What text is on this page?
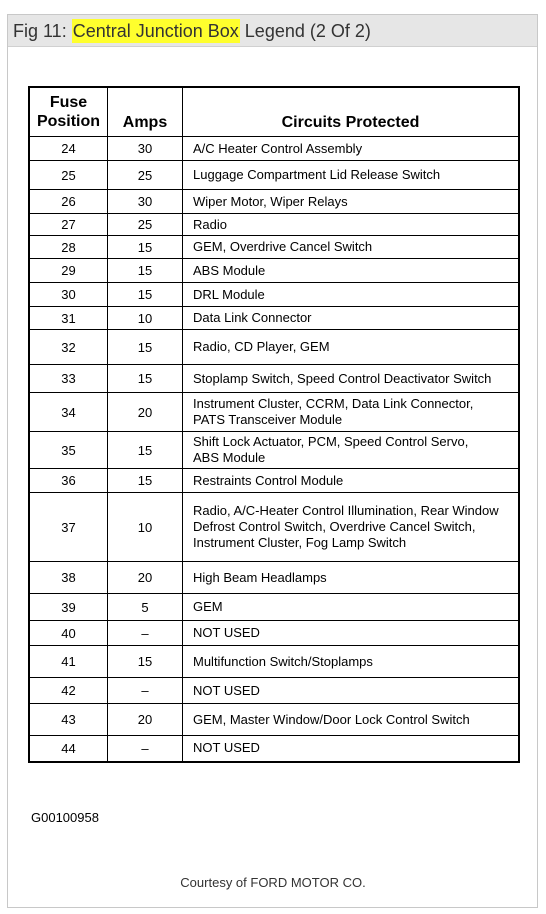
Fig 11: Central Junction Box Legend (2 Of 2)
Fuse
Position	Amps	Circuits Protected
24	30	A/C Heater Control Assembly

25	25	Luggage Compartment Lid Release Switch

26	30	Wiper Motor, Wiper Relays

27	25	Radio

28	15	GEM, Overdrive Cancel Switch

29	15	ABS Module

30	15	DRL Module

31	10	Data Link Connector

32	15	Radio, CD Player, GEM

33	15	Stoplamp Switch, Speed Control Deactivator Switch

34	20	Instrument Cluster, CCRM, Data Link Connector,
PATS Transceiver Module

35	15	Shift Lock Actuator, PCM, Speed Control Servo,
ABS Module

36	15	Restraints Control Module

37	10	Radio, A/C-Heater Control Illumination, Rear Window
Defrost Control Switch, Overdrive Cancel Switch,
Instrument Cluster, Fog Lamp Switch

38	20	High Beam Headlamps

39	5	GEM

40	–	NOT USED

41	15	Multifunction Switch/Stoplamps

42	–	NOT USED

43	20	GEM, Master Window/Door Lock Control Switch

44	–	NOT USED
G00100958
Courtesy of FORD MOTOR CO.
